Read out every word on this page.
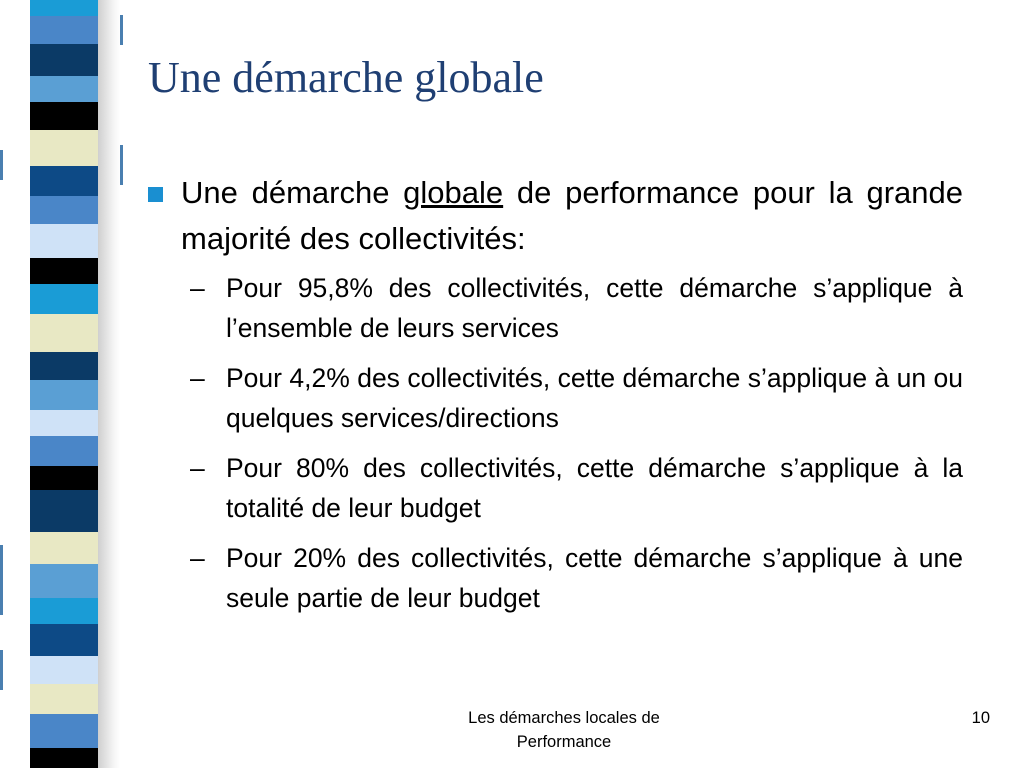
Une démarche globale
Une démarche globale de performance pour la grande majorité des collectivités:
– Pour 95,8% des collectivités, cette démarche s’applique à l’ensemble de leurs services
– Pour 4,2% des collectivités, cette démarche s’applique à un ou quelques services/directions
– Pour 80% des collectivités, cette démarche s’applique à la totalité de leur budget
– Pour 20% des collectivités, cette démarche s’applique à une seule partie de leur budget
Les démarches locales de
Performance
10
